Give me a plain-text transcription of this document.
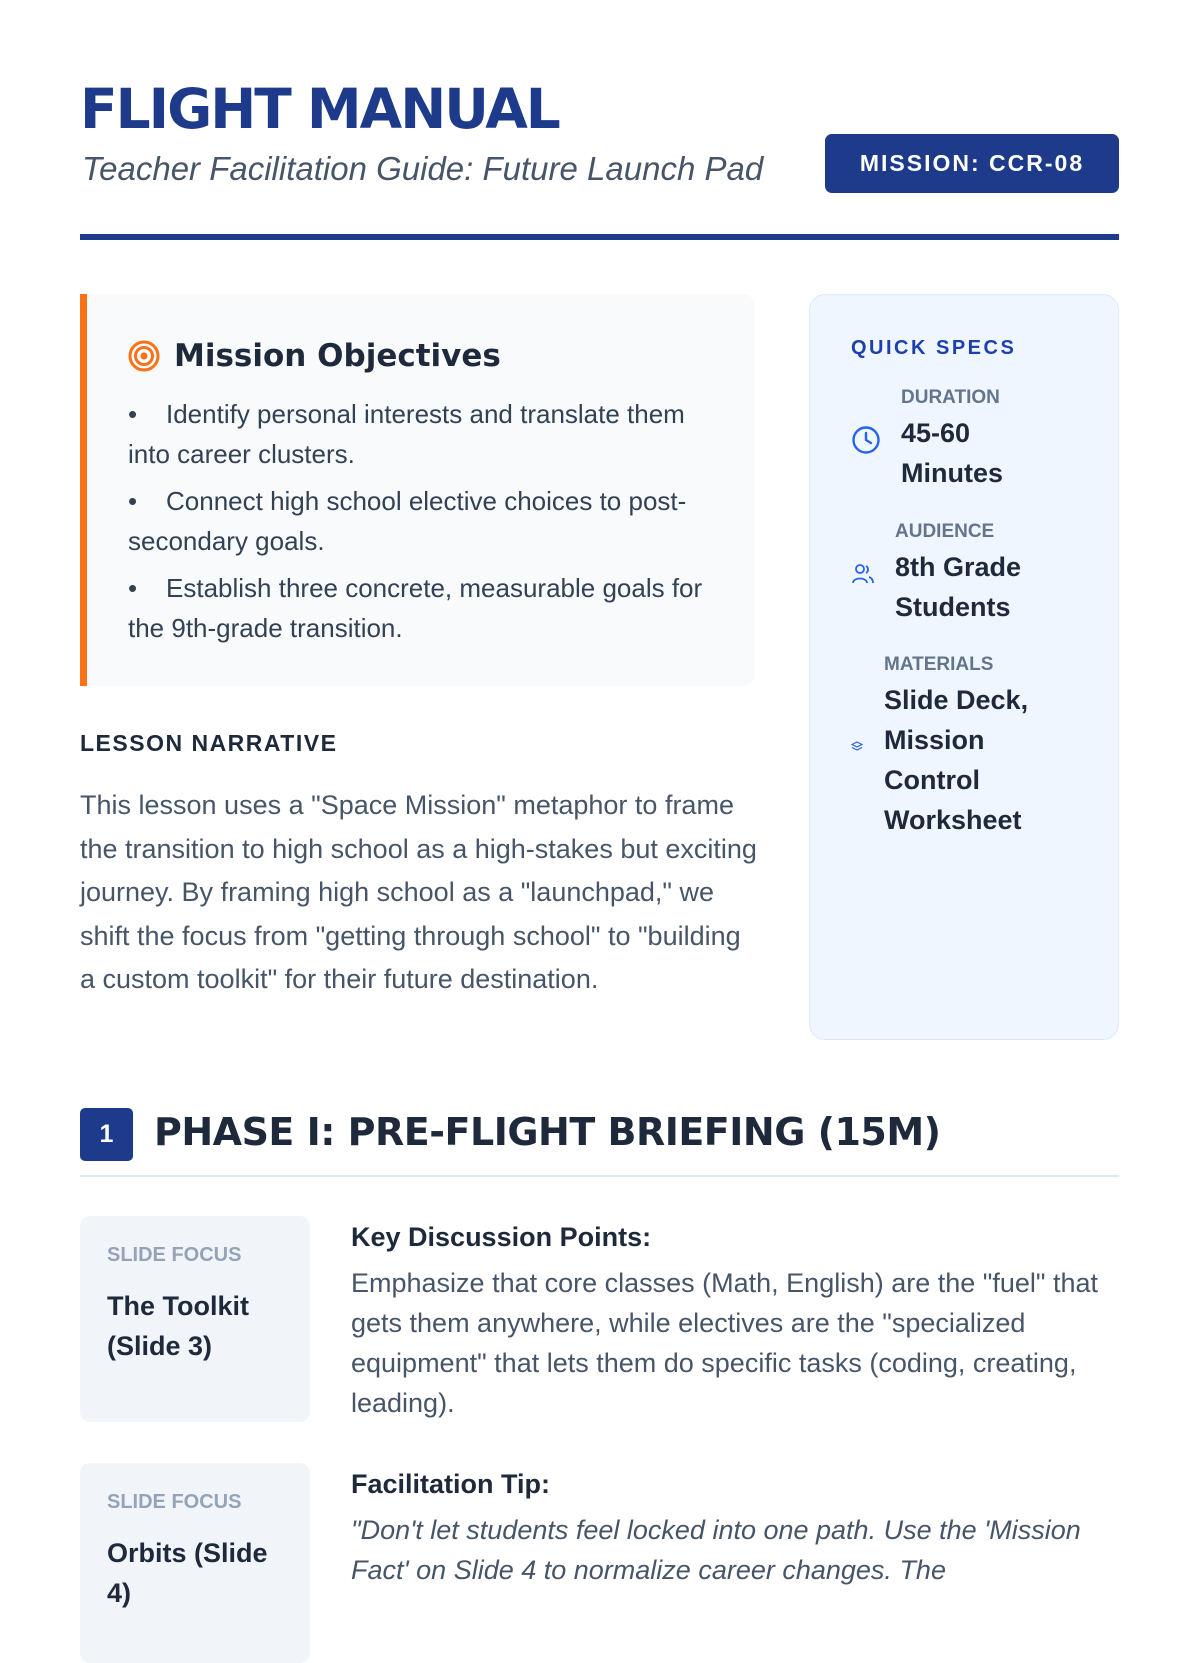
FLIGHT MANUAL
Teacher Facilitation Guide: Future Launch Pad	MISSION: CCR-08
Mission Objectives
• Identify personal interests and translate them into career clusters.
• Connect high school elective choices to post-secondary goals.
• Establish three concrete, measurable goals for the 9th-grade transition.
LESSON NARRATIVE

This lesson uses a "Space Mission" metaphor to frame the transition to high school as a high-stakes but exciting journey. By framing high school as a "launchpad," we shift the focus from "getting through school" to "building a custom toolkit" for their future destination.

QUICK SPECS
DURATION
45-60 Minutes
AUDIENCE
8th Grade Students
MATERIALS
Slide Deck, Mission Control Worksheet
1	PHASE I: PRE-FLIGHT BRIEFING (15M)
SLIDE FOCUS
The Toolkit (Slide 3)
Key Discussion Points:

Emphasize that core classes (Math, English) are the "fuel" that gets them anywhere, while electives are the "specialized equipment" that lets them do specific tasks (coding, creating, leading).

SLIDE FOCUS
Orbits (Slide 4)
Facilitation Tip:

"Don't let students feel locked into one path. Use the 'Mission Fact' on Slide 4 to normalize career changes. The
